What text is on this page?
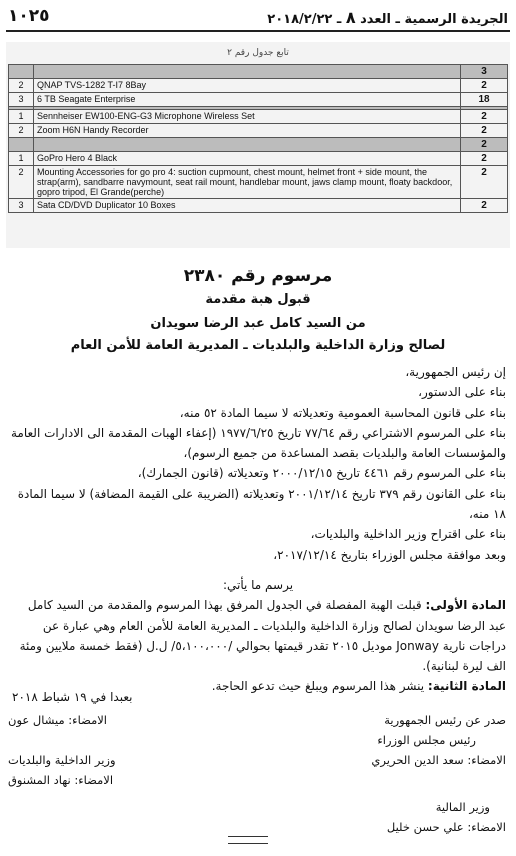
١٠٢٥	الجريدة الرسمية ـ العدد ٨ ـ ٢٠١٨/٢/٢٢
تابع جدول رقم ٢
		3
2	QNAP TVS-1282 T-I7 8Bay	2
3	6 TB Seagate Enterprise	18

1	Sennheiser EW100-ENG-G3 Microphone Wireless Set	2
2	Zoom H6N Handy Recorder	2
		2
1	GoPro Hero 4 Black	2
2	Mounting Accessories for go pro 4: suction cupmount, chest mount, helmet front + side mount, the strap(arm), sandbarre navymount, seat rail mount, handlebar mount, jaws clamp mount, floaty backdoor, gopro tripod, El Grande(perche)	2
3	Sata CD/DVD Duplicator 10 Boxes	2
مرسوم رقم ٢٣٨٠
قبول هبة مقدمة
من السيد كامل عبد الرضا سويدان
لصالح وزارة الداخلية والبلديات ـ المديرية العامة للأمن العام

إن رئيس الجمهورية،

بناء على الدستور،

بناء على قانون المحاسبة العمومية وتعديلاته لا سيما المادة ٥٢ منه،

بناء على المرسوم الاشتراعي رقم ٧٧/٦٤ تاريخ ١٩٧٧/٦/٢٥ (إعفاء الهبات المقدمة الى الادارات العامة والمؤسسات العامة والبلديات بقصد المساعدة من جميع الرسوم)،

بناء على المرسوم رقم ٤٤٦١ تاريخ ٢٠٠٠/١٢/١٥ وتعديلاته (قانون الجمارك)،

بناء على القانون رقم ٣٧٩ تاريخ ٢٠٠١/١٢/١٤ وتعديلاته (الضريبة على القيمة المضافة) لا سيما المادة ١٨ منه،

بناء على اقتراح وزير الداخلية والبلديات،

وبعد موافقة مجلس الوزراء بتاريخ ٢٠١٧/١٢/١٤،

يرسم ما يأتي:

المادة الأولى: قبلت الهبة المفصلة في الجدول المرفق بهذا المرسوم والمقدمة من السيد كامل عبد الرضا سويدان لصالح وزارة الداخلية والبلديات ـ المديرية العامة للأمن العام وهي عبارة عن دراجات نارية Jonway موديل ٢٠١٥ تقدر قيمتها بحوالي /٥،١٠٠،٠٠٠/ ل.ل (فقط خمسة ملايين ومئة الف ليرة لبنانية).

المادة الثانية: ينشر هذا المرسوم ويبلغ حيث تدعو الحاجة.

بعبدا في ١٩ شباط ٢٠١٨
الامضاء: ميشال عون	صدر عن رئيس الجمهورية
رئيس مجلس الوزراء
الامضاء: سعد الدين الحريري
وزير الداخلية والبلديات
الامضاء: نهاد المشنوق
وزير المالية
الامضاء: علي حسن خليل
